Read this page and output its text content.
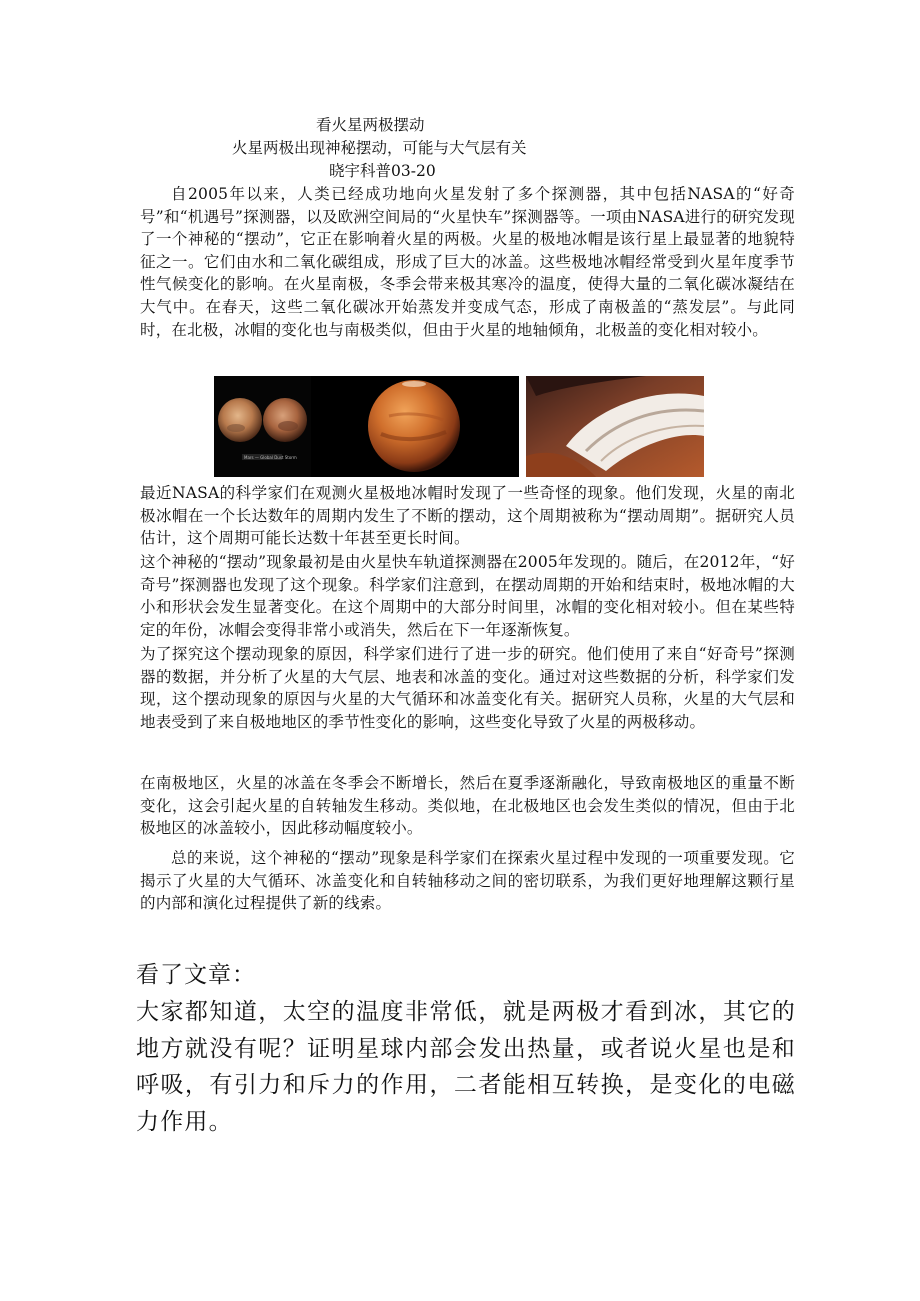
看火星两极摆动
火星两极出现神秘摆动，可能与大气层有关
晓宇科普03-20
自2005年以来，人类已经成功地向火星发射了多个探测器，其中包括NASA的“好奇号”和“机遇号”探测器，以及欧洲空间局的“火星快车”探测器等。一项由NASA进行的研究发现了一个神秘的“摆动”，它正在影响着火星的两极。火星的极地冰帽是该行星上最显著的地貌特征之一。它们由水和二氧化碳组成，形成了巨大的冰盖。这些极地冰帽经常受到火星年度季节性气候变化的影响。在火星南极，冬季会带来极其寒冷的温度，使得大量的二氧化碳冰凝结在大气中。在春天，这些二氧化碳冰开始蒸发并变成气态，形成了南极盖的“蒸发层”。与此同时，在北极，冰帽的变化也与南极类似，但由于火星的地轴倾角，北极盖的变化相对较小。
Mars — Global Dust Storm
最近NASA的科学家们在观测火星极地冰帽时发现了一些奇怪的现象。他们发现，火星的南北极冰帽在一个长达数年的周期内发生了不断的摆动，这个周期被称为“摆动周期”。据研究人员估计，这个周期可能长达数十年甚至更长时间。
这个神秘的“摆动”现象最初是由火星快车轨道探测器在2005年发现的。随后，在2012年，“好奇号”探测器也发现了这个现象。科学家们注意到，在摆动周期的开始和结束时，极地冰帽的大小和形状会发生显著变化。在这个周期中的大部分时间里，冰帽的变化相对较小。但在某些特定的年份，冰帽会变得非常小或消失，然后在下一年逐渐恢复。
为了探究这个摆动现象的原因，科学家们进行了进一步的研究。他们使用了来自“好奇号”探测器的数据，并分析了火星的大气层、地表和冰盖的变化。通过对这些数据的分析，科学家们发现，这个摆动现象的原因与火星的大气循环和冰盖变化有关。据研究人员称，火星的大气层和地表受到了来自极地地区的季节性变化的影响，这些变化导致了火星的两极移动。
在南极地区，火星的冰盖在冬季会不断增长，然后在夏季逐渐融化，导致南极地区的重量不断变化，这会引起火星的自转轴发生移动。类似地，在北极地区也会发生类似的情况，但由于北极地区的冰盖较小，因此移动幅度较小。
总的来说，这个神秘的“摆动”现象是科学家们在探索火星过程中发现的一项重要发现。它揭示了火星的大气循环、冰盖变化和自转轴移动之间的密切联系，为我们更好地理解这颗行星的内部和演化过程提供了新的线索。
看了文章：
大家都知道，太空的温度非常低，就是两极才看到冰，其它的地方就没有呢？证明星球内部会发出热量，或者说火星也是和呼吸，有引力和斥力的作用，二者能相互转换，是变化的电磁力作用。
